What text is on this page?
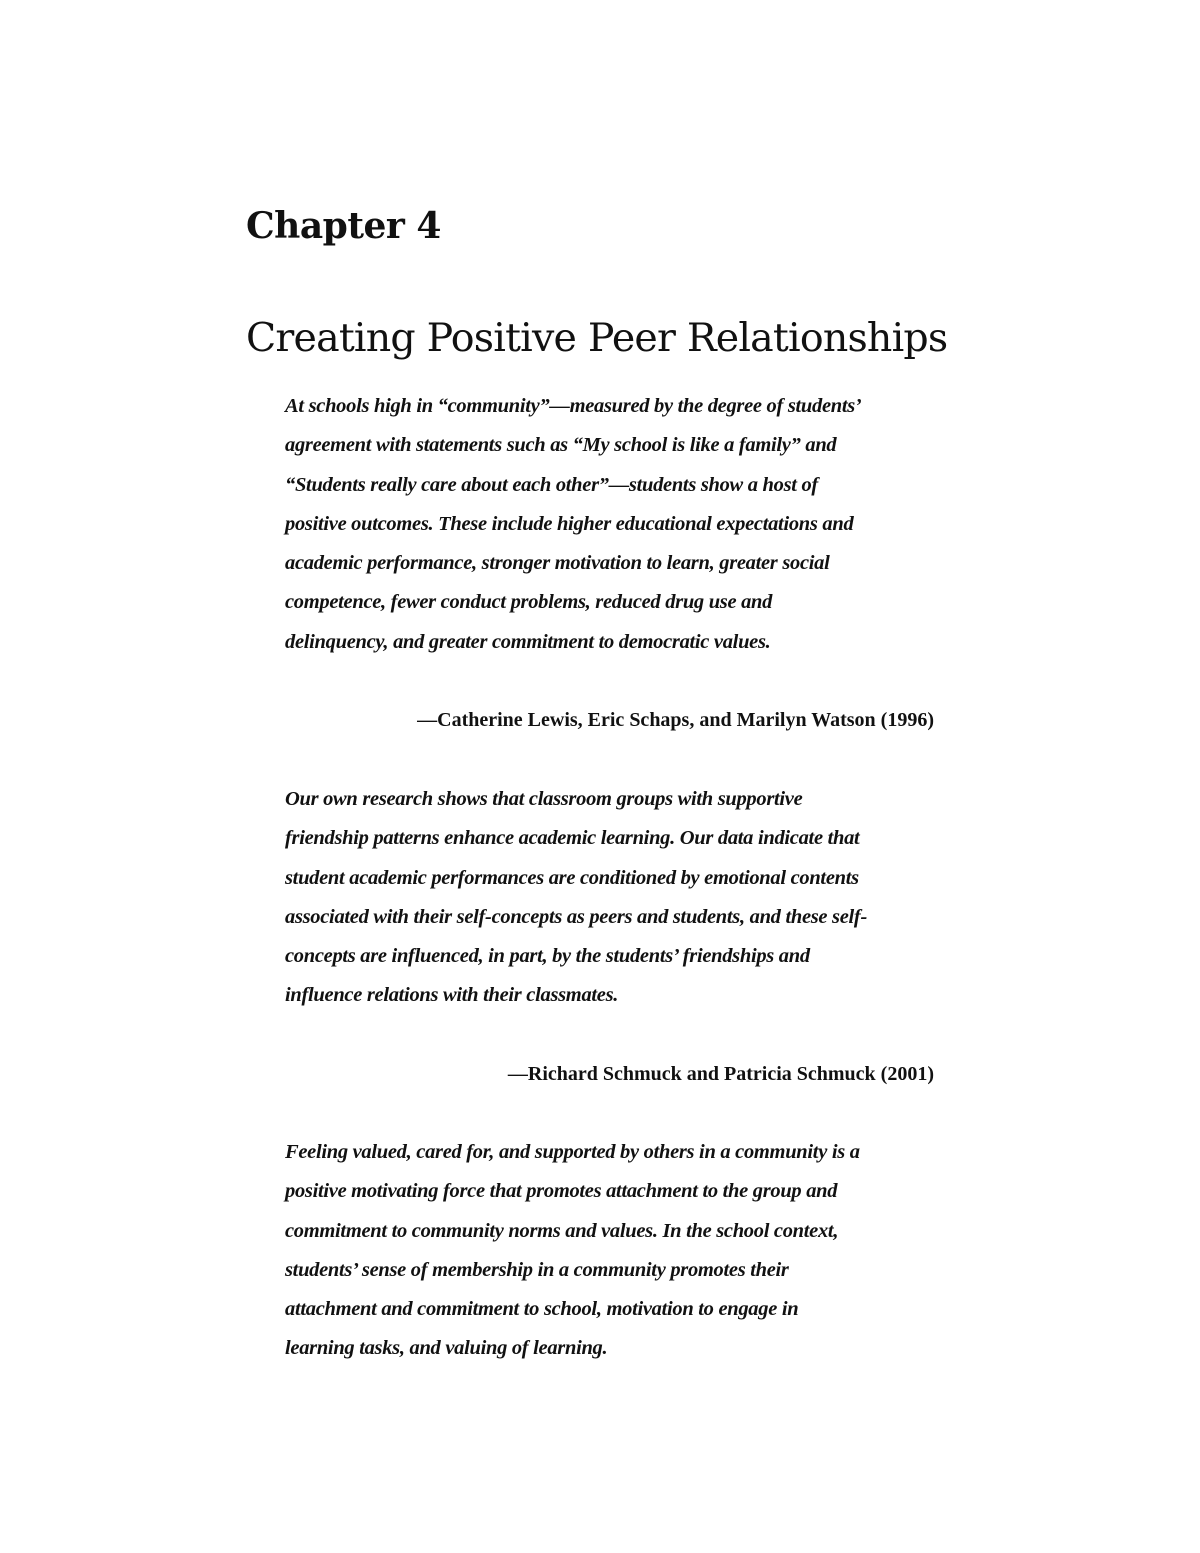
Chapter 4
Creating Positive Peer Relationships
At schools high in “community”—measured by the degree of students’
agreement with statements such as “My school is like a family” and
“Students really care about each other”—students show a host of
positive outcomes. These include higher educational expectations and
academic performance, stronger motivation to learn, greater social
competence, fewer conduct problems, reduced drug use and
delinquency, and greater commitment to democratic values.

—Catherine Lewis, Eric Schaps, and Marilyn Watson (1996)

Our own research shows that classroom groups with supportive
friendship patterns enhance academic learning. Our data indicate that
student academic performances are conditioned by emotional contents
associated with their self-concepts as peers and students, and these self-
concepts are influenced, in part, by the students’ friendships and
influence relations with their classmates.

—Richard Schmuck and Patricia Schmuck (2001)

Feeling valued, cared for, and supported by others in a community is a
positive motivating force that promotes attachment to the group and
commitment to community norms and values. In the school context,
students’ sense of membership in a community promotes their
attachment and commitment to school, motivation to engage in
learning tasks, and valuing of learning.
